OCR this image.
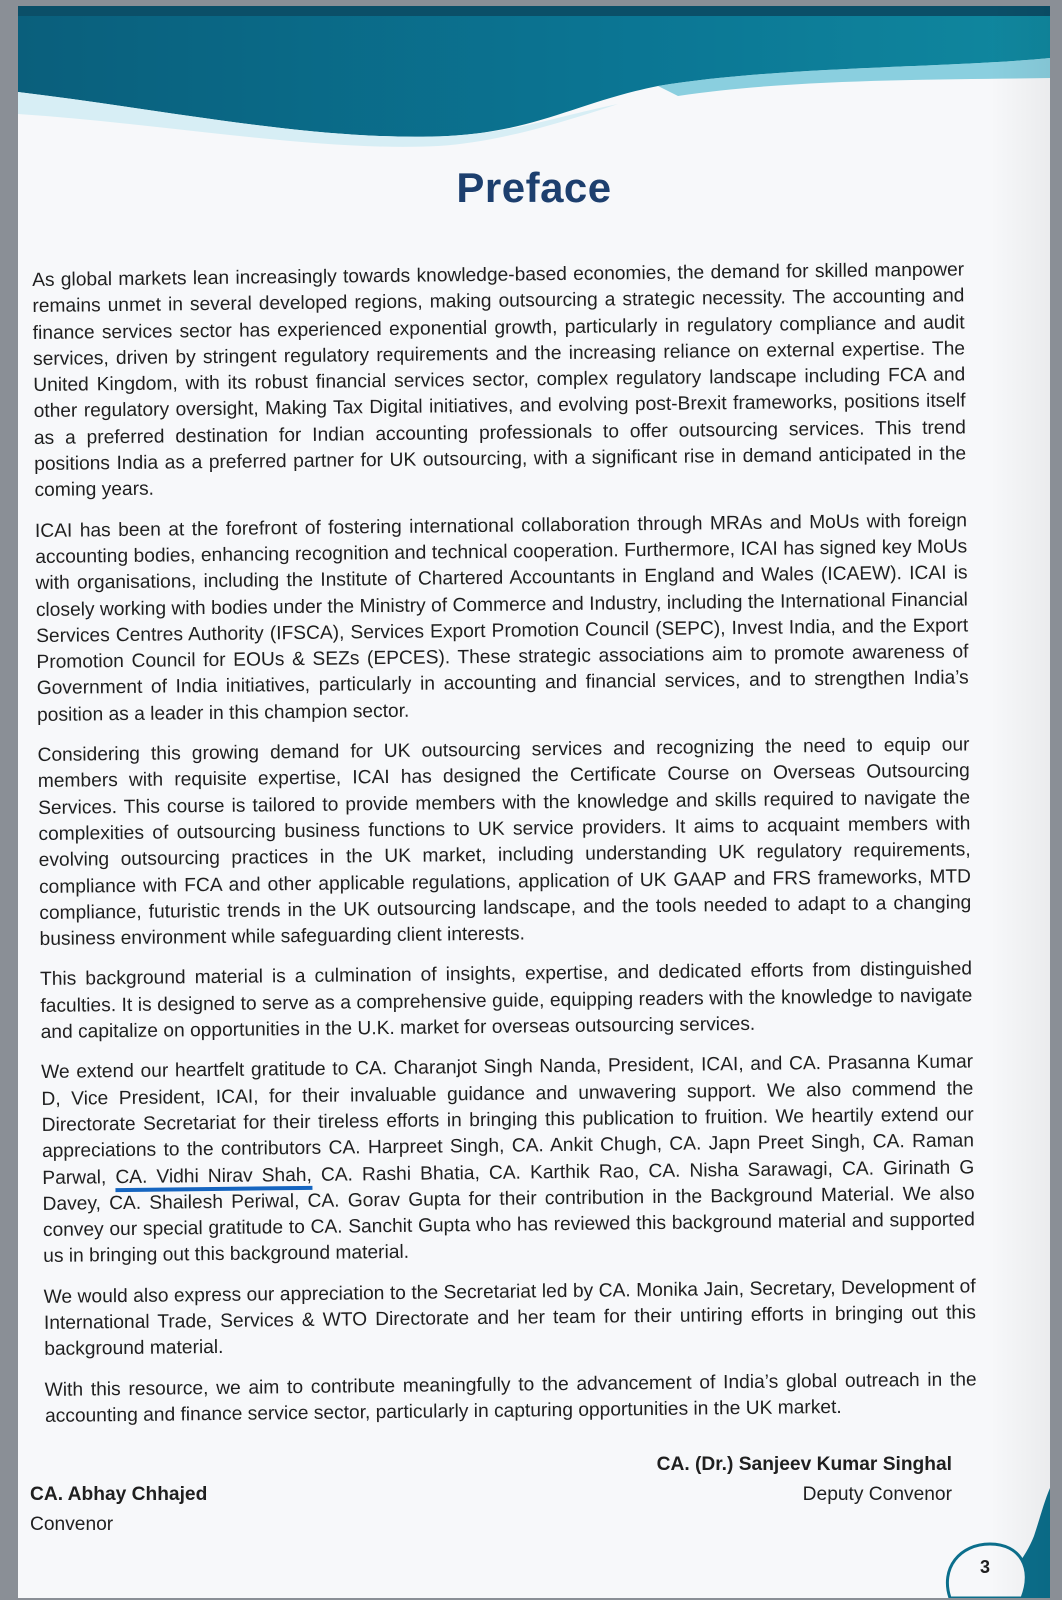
Preface

As global markets lean increasingly towards knowledge-based economies, the demand for skilled manpower remains unmet in several developed regions, making outsourcing a strategic necessity. The accounting and finance services sector has experienced exponential growth, particularly in regulatory compliance and audit services, driven by stringent regulatory requirements and the increasing reliance on external expertise. The United Kingdom, with its robust financial services sector, complex regulatory landscape including FCA and other regulatory oversight, Making Tax Digital initiatives, and evolving post-Brexit frameworks, positions itself as a preferred destination for Indian accounting professionals to offer outsourcing services. This trend positions India as a preferred partner for UK outsourcing, with a significant rise in demand anticipated in the coming years.

ICAI has been at the forefront of fostering international collaboration through MRAs and MoUs with foreign accounting bodies, enhancing recognition and technical cooperation. Furthermore, ICAI has signed key MoUs with organisations, including the Institute of Chartered Accountants in England and Wales (ICAEW). ICAI is closely working with bodies under the Ministry of Commerce and Industry, including the International Financial Services Centres Authority (IFSCA), Services Export Promotion Council (SEPC), Invest India, and the Export Promotion Council for EOUs & SEZs (EPCES). These strategic associations aim to promote awareness of Government of India initiatives, particularly in accounting and financial services, and to strengthen India’s position as a leader in this champion sector.

Considering this growing demand for UK outsourcing services and recognizing the need to equip our members with requisite expertise, ICAI has designed the Certificate Course on Overseas Outsourcing Services. This course is tailored to provide members with the knowledge and skills required to navigate the complexities of outsourcing business functions to UK service providers. It aims to acquaint members with evolving outsourcing practices in the UK market, including understanding UK regulatory requirements, compliance with FCA and other applicable regulations, application of UK GAAP and FRS frameworks, MTD compliance, futuristic trends in the UK outsourcing landscape, and the tools needed to adapt to a changing business environment while safeguarding client interests.

This background material is a culmination of insights, expertise, and dedicated efforts from distinguished faculties. It is designed to serve as a comprehensive guide, equipping readers with the knowledge to navigate and capitalize on opportunities in the U.K. market for overseas outsourcing services.

We extend our heartfelt gratitude to CA. Charanjot Singh Nanda, President, ICAI, and CA. Prasanna Kumar D, Vice President, ICAI, for their invaluable guidance and unwavering support. We also commend the Directorate Secretariat for their tireless efforts in bringing this publication to fruition. We heartily extend our appreciations to the contributors CA. Harpreet Singh, CA. Ankit Chugh, CA. Japn Preet Singh, CA. Raman Parwal, CA. Vidhi Nirav Shah, CA. Rashi Bhatia, CA. Karthik Rao, CA. Nisha Sarawagi, CA. Girinath G Davey, CA. Shailesh Periwal, CA. Gorav Gupta for their contribution in the Background Material. We also convey our special gratitude to CA. Sanchit Gupta who has reviewed this background material and supported us in bringing out this background material.

We would also express our appreciation to the Secretariat led by CA. Monika Jain, Secretary, Development of International Trade, Services & WTO Directorate and her team for their untiring efforts in bringing out this background material.

With this resource, we aim to contribute meaningfully to the advancement of India’s global outreach in the accounting and finance service sector, particularly in capturing opportunities in the UK market.

CA. Abhay Chhajed
Convenor
CA. (Dr.) Sanjeev Kumar Singhal
Deputy Convenor
3
